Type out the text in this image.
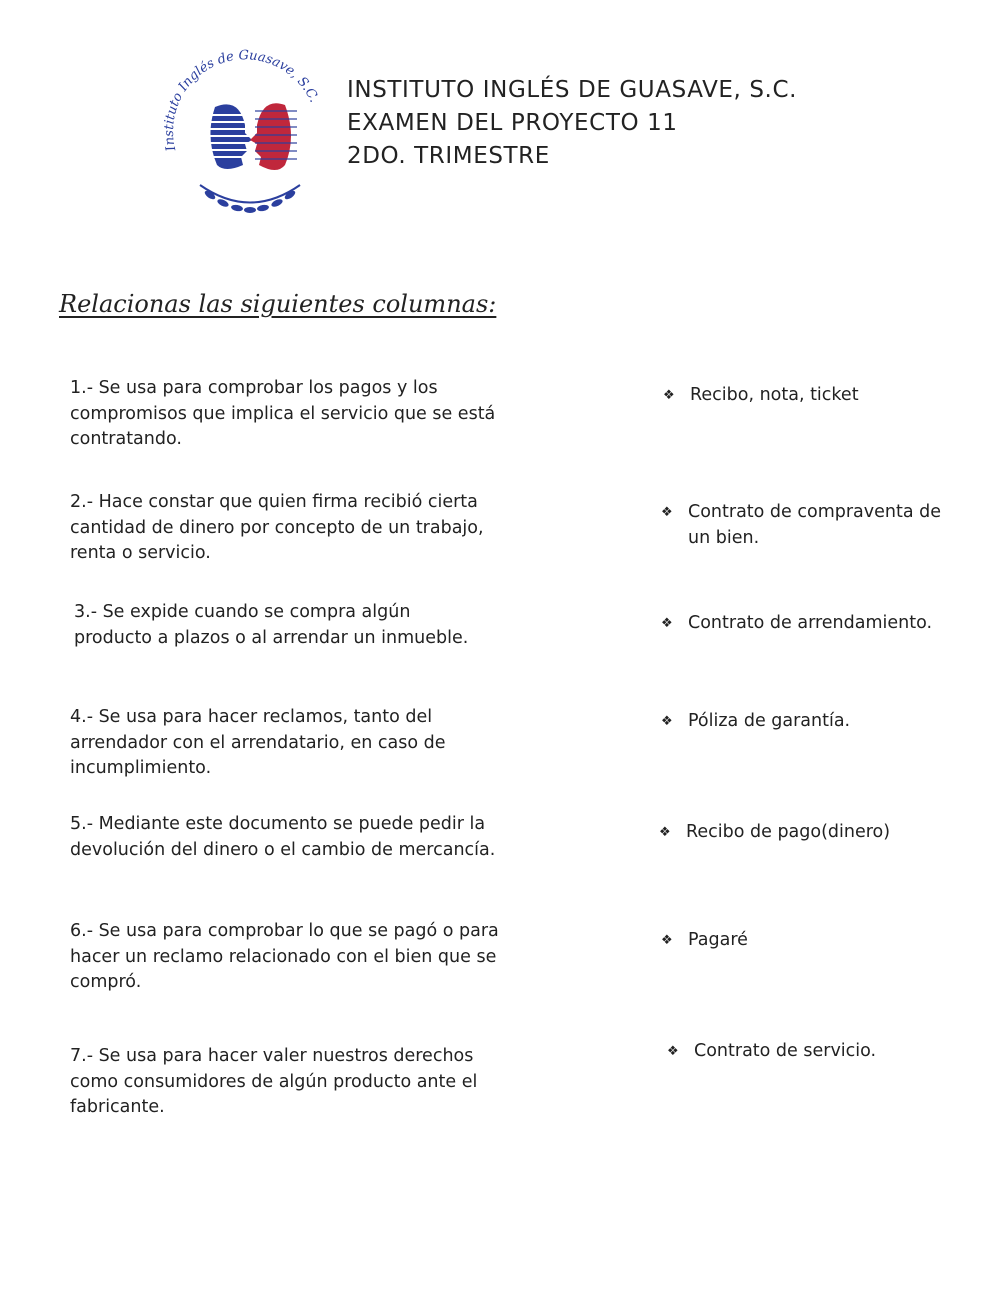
Instituto Inglés de Guasave, S.C. INSTITUTO INGLÉS DE GUASAVE, S.C.
EXAMEN DEL PROYECTO 11
2DO. TRIMESTRE
Relacionas las siguientes columnas:
1.- Se usa para comprobar los pagos y los compromisos que implica el servicio que se está contratando.
2.- Hace constar que quien firma recibió cierta cantidad de dinero por concepto de un trabajo, renta o servicio.
3.- Se expide cuando se compra algún producto a plazos o al arrendar un inmueble.
4.- Se usa para hacer reclamos, tanto del arrendador con el arrendatario, en caso de incumplimiento.
5.- Mediante este documento se puede pedir la devolución del dinero o el cambio de mercancía.
6.- Se usa para comprobar lo que se pagó o para hacer un reclamo relacionado con el bien que se compró.
7.- Se usa para hacer valer nuestros derechos como consumidores de algún producto ante el fabricante.
❖ Recibo, nota, ticket
❖ Contrato de compraventa de un bien.
❖ Contrato de arrendamiento.
❖ Póliza de garantía.
❖ Recibo de pago(dinero)
❖ Pagaré
❖ Contrato de servicio.
